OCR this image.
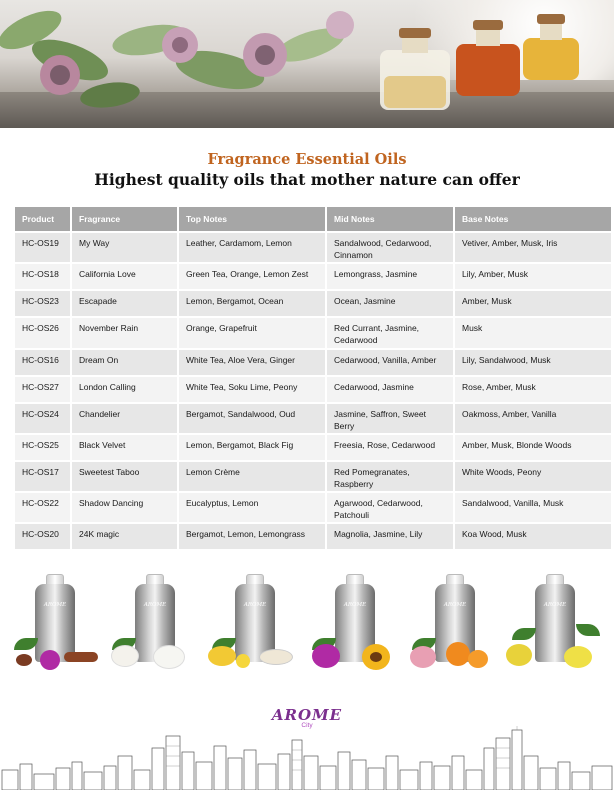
Fragrance Essential Oils
Highest quality oils that mother nature can offer
Product	Fragrance	Top Notes	Mid Notes	Base Notes
HC-OS19	My Way	Leather, Cardamom, Lemon	Sandalwood, Cedarwood, Cinnamon	Vetiver, Amber, Musk, Iris
HC-OS18	California Love	Green Tea, Orange, Lemon Zest	Lemongrass, Jasmine	Lily, Amber, Musk
HC-OS23	Escapade	Lemon, Bergamot, Ocean	Ocean, Jasmine	Amber, Musk
HC-OS26	November Rain	Orange, Grapefruit	Red Currant, Jasmine, Cedarwood	Musk
HC-OS16	Dream On	White Tea, Aloe Vera, Ginger	Cedarwood, Vanilla, Amber	Lily, Sandalwood, Musk
HC-OS27	London Calling	White Tea, Soku Lime, Peony	Cedarwood, Jasmine	Rose, Amber, Musk
HC-OS24	Chandelier	Bergamot, Sandalwood, Oud	Jasmine, Saffron, Sweet Berry	Oakmoss, Amber, Vanilla
HC-OS25	Black Velvet	Lemon, Bergamot, Black Fig	Freesia, Rose, Cedarwood	Amber, Musk, Blonde Woods
HC-OS17	Sweetest Taboo	Lemon Crème	Red Pomegranates, Raspberry	White Woods, Peony
HC-OS22	Shadow Dancing	Eucalyptus, Lemon	Agarwood, Cedarwood, Patchouli	Sandalwood, Vanilla, Musk
HC-OS20	24K magic	Bergamot, Lemon, Lemongrass	Magnolia, Jasmine, Lily	Koa Wood, Musk
AROME	AROME	AROME	AROME	AROME	AROME
AROME
City
